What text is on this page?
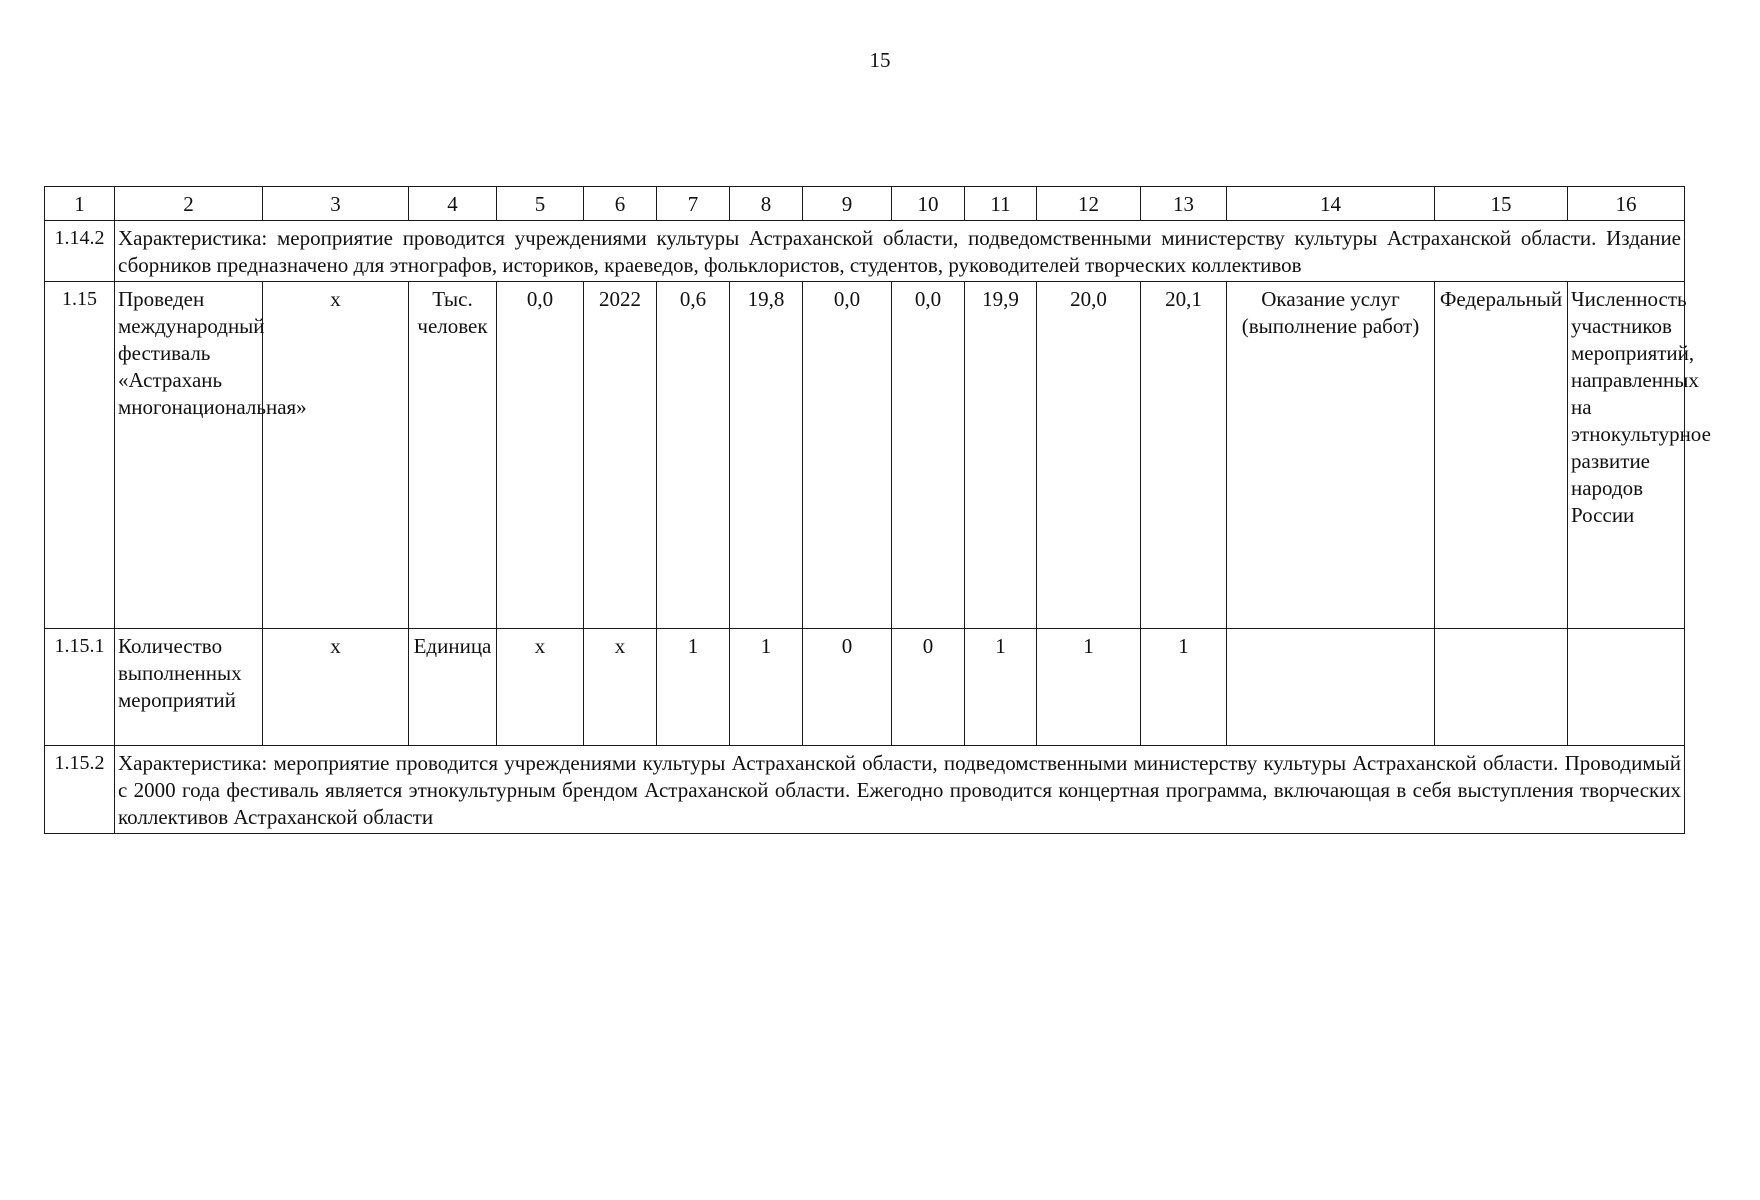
15
1	2	3	4	5	6	7	8	9	10	11	12	13	14	15	16
1.14.2	Характеристика: мероприятие проводится учреждениями культуры Астраханской области, подведомственными министерству культуры Астраханской области. Издание сборников предназначено для этнографов, историков, краеведов, фольклористов, студентов, руководителей творческих коллективов														
1.15	Проведен международный фестиваль «Астрахань многонациональная»	х	Тыс. человек	0,0	2022	0,6	19,8	0,0	0,0	19,9	20,0	20,1	Оказание услуг (выполнение работ)	Федеральный	Численность участников мероприятий, направленных на этнокультурное развитие народов России
1.15.1	Количество выполненных мероприятий	х	Единица	х	х	1	1	0	0	1	1	1			
1.15.2	Характеристика: мероприятие проводится учреждениями культуры Астраханской области, подведомственными министерству культуры Астраханской области. Проводимый с 2000 года фестиваль является этнокультурным брендом Астраханской области. Ежегодно проводится концертная программа, включающая в себя выступления творческих коллективов Астраханской области														
